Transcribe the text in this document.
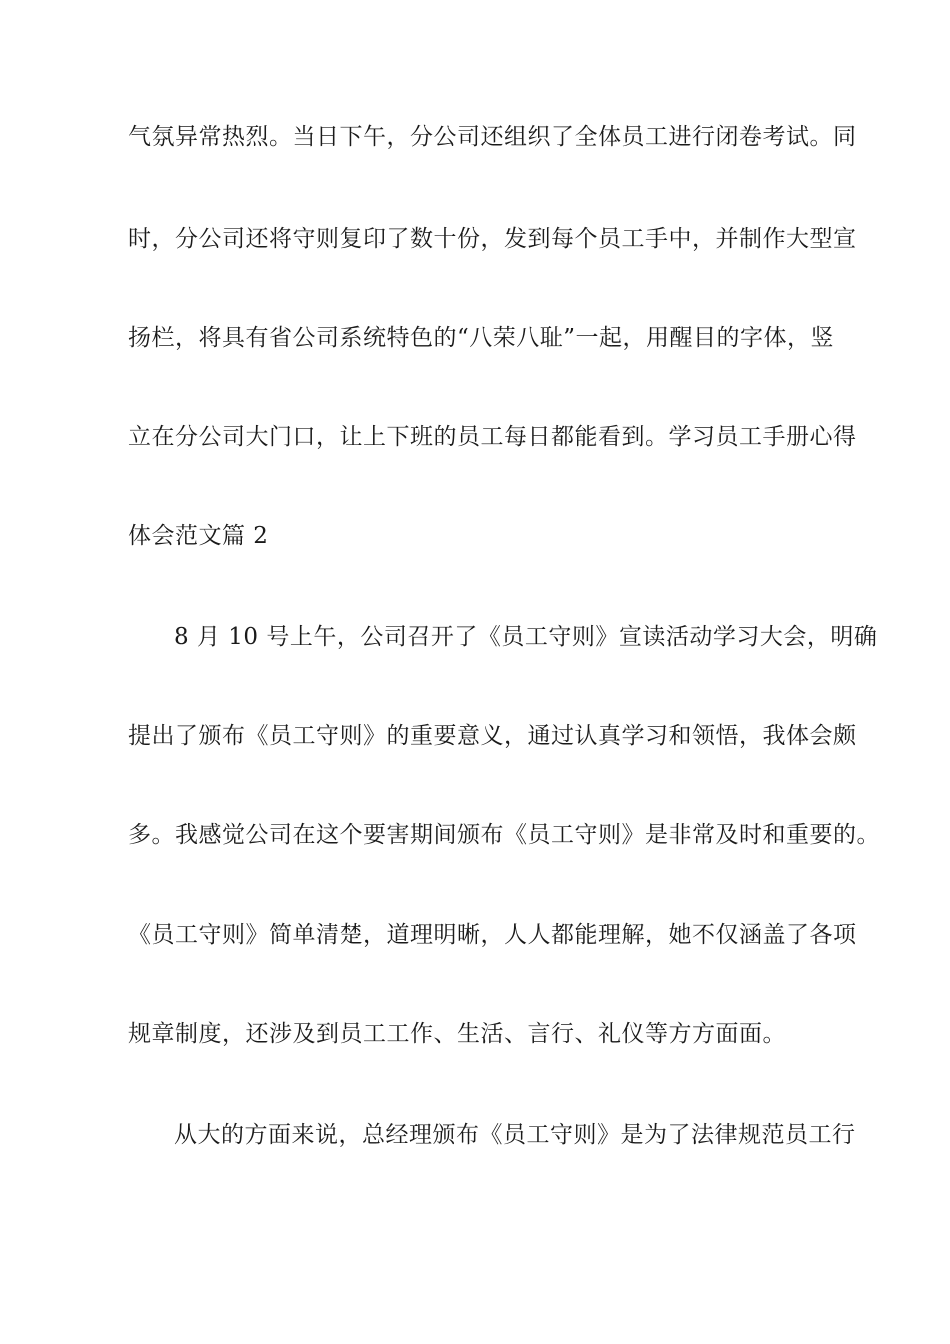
气氛异常热烈。当日下午，分公司还组织了全体员工进行闭卷考试。同

时，分公司还将守则复印了数十份，发到每个员工手中，并制作大型宣

扬栏，将具有省公司系统特色的“八荣八耻”一起，用醒目的字体，竖

立在分公司大门口，让上下班的员工每日都能看到。学习员工手册心得

体会范文篇 2

8 月 10 号上午，公司召开了《员工守则》宣读活动学习大会，明确

提出了颁布《员工守则》的重要意义，通过认真学习和领悟，我体会颇

多。我感觉公司在这个要害期间颁布《员工守则》是非常及时和重要的。

《员工守则》简单清楚，道理明晰，人人都能理解，她不仅涵盖了各项

规章制度，还涉及到员工工作、生活、言行、礼仪等方方面面。

从大的方面来说，总经理颁布《员工守则》是为了法律规范员工行
